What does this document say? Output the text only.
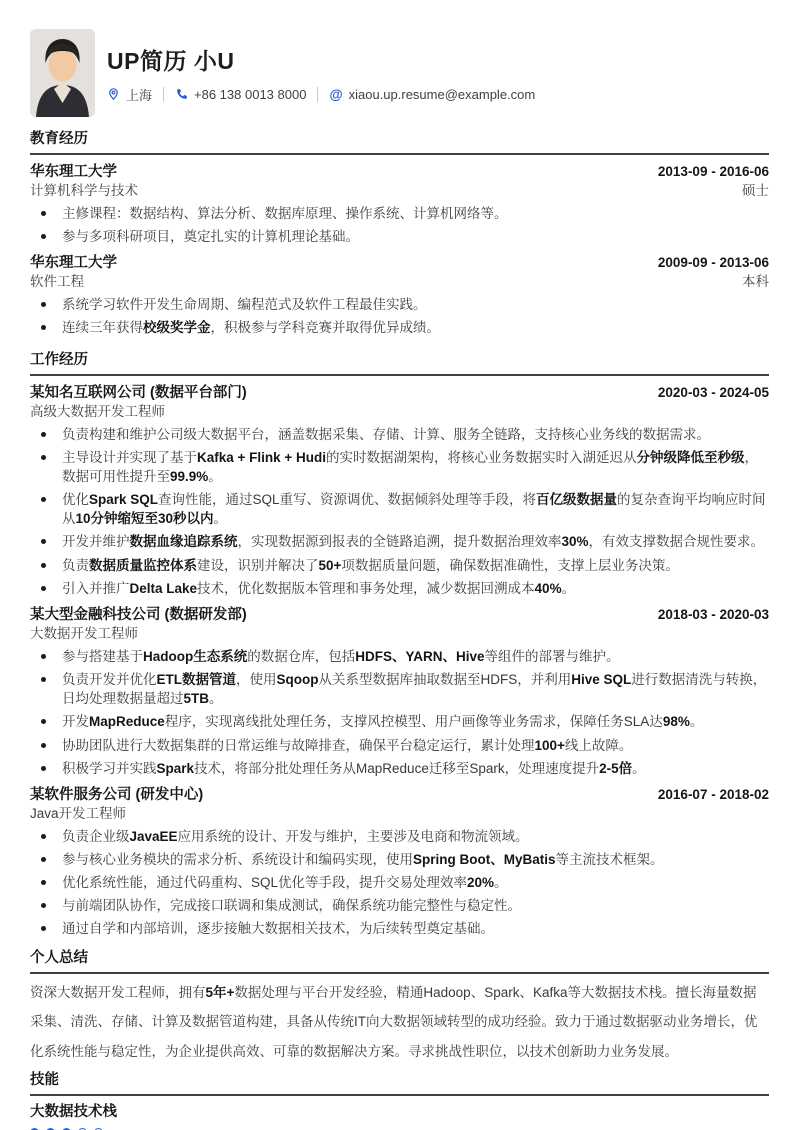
UP简历 小U
上海	+86 138 0013 8000 @ xiaou.up.resume@example.com
教育经历
华东理工大学	2013-09 - 2016-06
计算机科学与技术	硕士
主修课程：数据结构、算法分析、数据库原理、操作系统、计算机网络等。
参与多项科研项目，奠定扎实的计算机理论基础。
华东理工大学	2009-09 - 2013-06
软件工程	本科
系统学习软件开发生命周期、编程范式及软件工程最佳实践。
连续三年获得校级奖学金，积极参与学科竞赛并取得优异成绩。
工作经历
某知名互联网公司 (数据平台部门)	2020-03 - 2024-05
高级大数据开发工程师
负责构建和维护公司级大数据平台，涵盖数据采集、存储、计算、服务全链路，支持核心业务线的数据需求。
主导设计并实现了基于Kafka + Flink + Hudi的实时数据湖架构，将核心业务数据实时入湖延迟从分钟级降低至秒级，数据可用性提升至99.9%。
优化Spark SQL查询性能，通过SQL重写、资源调优、数据倾斜处理等手段，将百亿级数据量的复杂查询平均响应时间从10分钟缩短至30秒以内。
开发并维护数据血缘追踪系统，实现数据源到报表的全链路追溯，提升数据治理效率30%，有效支撑数据合规性要求。
负责数据质量监控体系建设，识别并解决了50+项数据质量问题，确保数据准确性，支撑上层业务决策。
引入并推广Delta Lake技术，优化数据版本管理和事务处理，减少数据回溯成本40%。
某大型金融科技公司 (数据研发部)	2018-03 - 2020-03
大数据开发工程师
参与搭建基于Hadoop生态系统的数据仓库，包括HDFS、YARN、Hive等组件的部署与维护。
负责开发并优化ETL数据管道，使用Sqoop从关系型数据库抽取数据至HDFS，并利用Hive SQL进行数据清洗与转换，日均处理数据量超过5TB。
开发MapReduce程序，实现离线批处理任务，支撑风控模型、用户画像等业务需求，保障任务SLA达98%。
协助团队进行大数据集群的日常运维与故障排查，确保平台稳定运行，累计处理100+线上故障。
积极学习并实践Spark技术，将部分批处理任务从MapReduce迁移至Spark，处理速度提升2-5倍。
某软件服务公司 (研发中心)	2016-07 - 2018-02
Java开发工程师
负责企业级JavaEE应用系统的设计、开发与维护，主要涉及电商和物流领域。
参与核心业务模块的需求分析、系统设计和编码实现，使用Spring Boot、MyBatis等主流技术框架。
优化系统性能，通过代码重构、SQL优化等手段，提升交易处理效率20%。
与前端团队协作，完成接口联调和集成测试，确保系统功能完整性与稳定性。
通过自学和内部培训，逐步接触大数据相关技术，为后续转型奠定基础。
个人总结
资深大数据开发工程师，拥有5年+数据处理与平台开发经验，精通Hadoop、Spark、Kafka等大数据技术栈。擅长海量数据采集、清洗、存储、计算及数据管道构建，具备从传统IT向大数据领域转型的成功经验。致力于通过数据驱动业务增长，优化系统性能与稳定性，为企业提供高效、可靠的数据解决方案。寻求挑战性职位，以技术创新助力业务发展。
技能
大数据技术栈
